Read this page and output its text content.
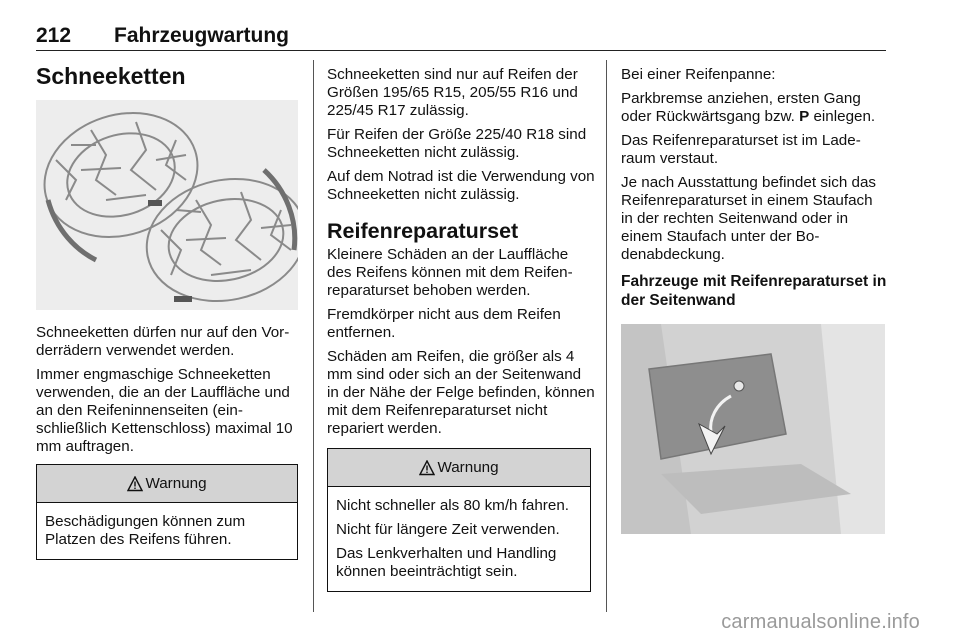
212 Fahrzeugwartung
Schneeketten

Schneeketten dürfen nur auf den Vorderrädern verwendet werden.

Immer engmaschige Schneeketten verwenden, die an der Lauffläche und an den Reifeninnenseiten (einschließlich Kettenschloss) maximal 10 mm auftragen.

Warnung

Beschädigungen können zum Platzen des Reifens führen.

Schneeketten sind nur auf Reifen der Größen 195/65 R15, 205/55 R16 und 225/45 R17 zulässig.

Für Reifen der Größe 225/40 R18 sind Schneeketten nicht zulässig.

Auf dem Notrad ist die Verwendung von Schneeketten nicht zulässig.

Reifenreparaturset

Kleinere Schäden an der Lauffläche des Reifens können mit dem Reifenreparaturset behoben werden.

Fremdkörper nicht aus dem Reifen entfernen.

Schäden am Reifen, die größer als 4 mm sind oder sich an der Seitenwand in der Nähe der Felge befinden, können mit dem Reifenreparaturset nicht repariert werden.

Warnung

Nicht schneller als 80 km/h fahren.

Nicht für längere Zeit verwenden.

Das Lenkverhalten und Handling können beeinträchtigt sein.

Bei einer Reifenpanne:

Parkbremse anziehen, ersten Gang oder Rückwärtsgang bzw. P einlegen.

Das Reifenreparaturset ist im Laderaum verstaut.

Je nach Ausstattung befindet sich das Reifenreparaturset in einem Staufach in der rechten Seitenwand oder in einem Staufach unter der Bodenabdeckung.

Fahrzeuge mit Reifenreparaturset in der Seitenwand
carmanualsonline.info
